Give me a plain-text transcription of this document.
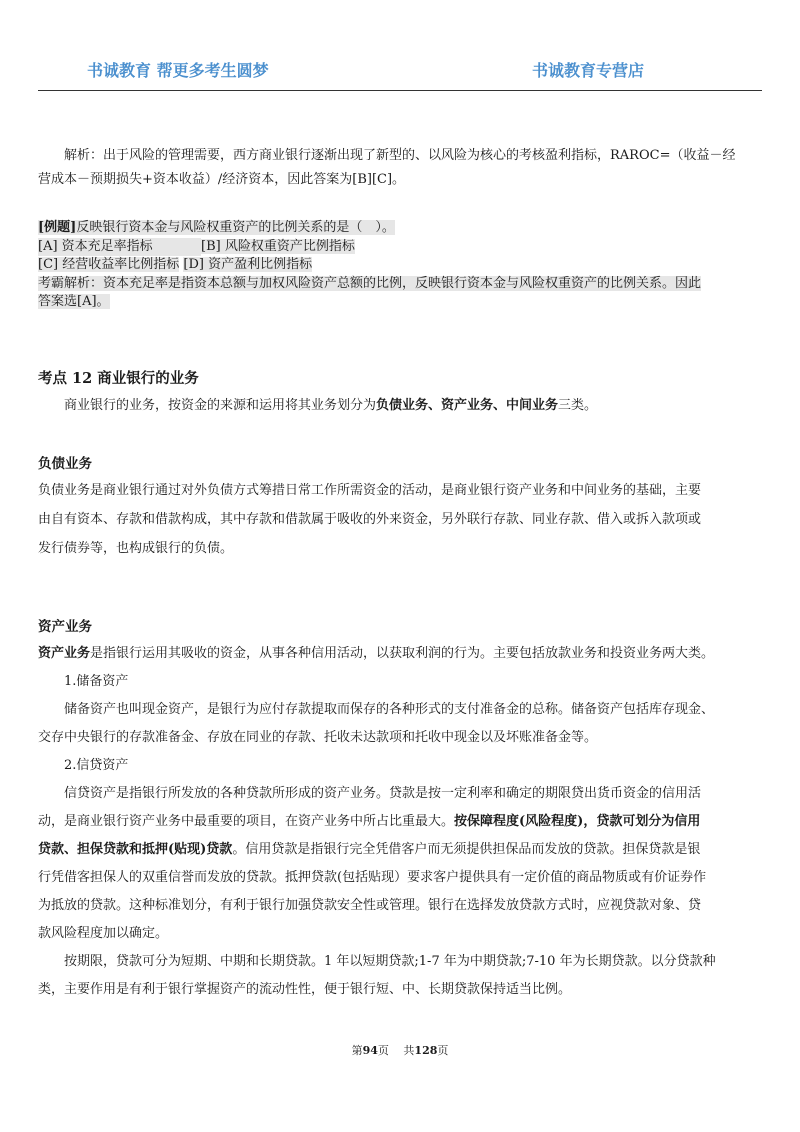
书诚教育 帮更多考生圆梦	书诚教育专营店
解析：出于风险的管理需要，西方商业银行逐渐出现了新型的、以风险为核心的考核盈利指标，RAROC=（收益－经
营成本－预期损失+资本收益）/经济资本，因此答案为[B][C]。
[例题]反映银行资本金与风险权重资产的比例关系的是（　）。
[A] 资本充足率指标	[B] 风险权重资产比例指标
[C] 经营收益率比例指标 [D] 资产盈利比例指标
考霸解析：资本充足率是指资本总额与加权风险资产总额的比例，反映银行资本金与风险权重资产的比例关系。因此
答案选[A]。
考点 12 商业银行的业务
商业银行的业务，按资金的来源和运用将其业务划分为负债业务、资产业务、中间业务三类。
负债业务
负债业务是商业银行通过对外负债方式筹措日常工作所需资金的活动，是商业银行资产业务和中间业务的基础，主要
由自有资本、存款和借款构成，其中存款和借款属于吸收的外来资金，另外联行存款、同业存款、借入或拆入款项或
发行债券等，也构成银行的负债。
资产业务
资产业务是指银行运用其吸收的资金，从事各种信用活动，以获取利润的行为。主要包括放款业务和投资业务两大类。
1.储备资产
储备资产也叫现金资产，是银行为应付存款提取而保存的各种形式的支付准备金的总称。储备资产包括库存现金、
交存中央银行的存款准备金、存放在同业的存款、托收未达款项和托收中现金以及坏账准备金等。
2.信贷资产
信贷资产是指银行所发放的各种贷款所形成的资产业务。贷款是按一定利率和确定的期限贷出货币资金的信用活
动，是商业银行资产业务中最重要的项目，在资产业务中所占比重最大。按保障程度(风险程度)，贷款可划分为信用
贷款、担保贷款和抵押(贴现)贷款。信用贷款是指银行完全凭借客户而无须提供担保品而发放的贷款。担保贷款是银
行凭借客担保人的双重信誉而发放的贷款。抵押贷款(包括贴现）要求客户提供具有一定价值的商品物质或有价证券作
为抵放的贷款。这种标准划分，有利于银行加强贷款安全性或管理。银行在选择发放贷款方式时，应视贷款对象、贷
款风险程度加以确定。
按期限，贷款可分为短期、中期和长期贷款。1 年以短期贷款;1-7 年为中期贷款;7-10 年为长期贷款。以分贷款种
类，主要作用是有利于银行掌握资产的流动性性，便于银行短、中、长期贷款保持适当比例。
第94页　 共128页
